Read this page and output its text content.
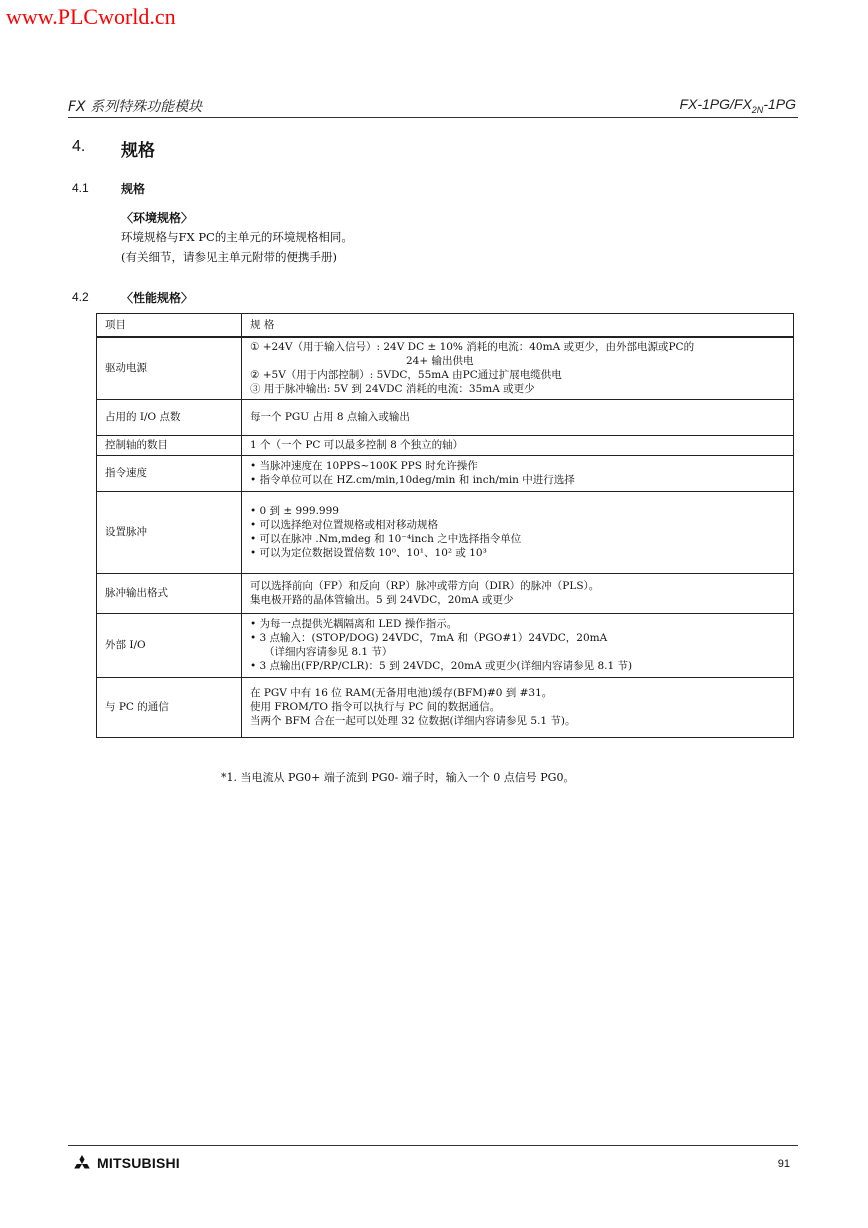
www.PLCworld.cn
FX 系列特殊功能模块	$FX-1PG/FX_{2N}-1PG$
4. 规格
4.1	规格
〈环境规格〉
环境规格与FX PC的主单元的环境规格相同。
(有关细节，请参见主单元附带的便携手册)
4.2	〈性能规格〉
项目	规 格
驱动电源	① +24V（用于输入信号）: 24V DC ± 10% 消耗的电流：40mA 或更少，由外部电源或PC的
24+ 输出供电
② +5V（用于内部控制）: 5VDC，55mA 由PC通过扩展电缆供电
③ 用于脉冲输出: 5V 到 24VDC 消耗的电流：35mA 或更少

占用的 I/O 点数	每一个 PGU 占用 8 点输入或输出

控制轴的数目	1 个（一个 PC 可以最多控制 8 个独立的轴）

指令速度	• 当脉冲速度在 10PPS~100K PPS 时允许操作
• 指令单位可以在 HZ.cm/min,10deg/min 和 inch/min 中进行选择

设置脉冲	• 0 到 ± 999.999
• 可以选择绝对位置规格或相对移动规格
• 可以在脉冲 .Nm,mdeg 和 10⁻⁴inch 之中选择指令单位
• 可以为定位数据设置倍数 10⁰、10¹、10² 或 10³

脉冲输出格式	可以选择前向（FP）和反向（RP）脉冲或带方向（DIR）的脉冲（PLS）。
集电极开路的晶体管输出。5 到 24VDC，20mA 或更少

外部 I/O	• 为每一点提供光耦隔离和 LED 操作指示。
• 3 点输入：(STOP/DOG) 24VDC，7mA 和（PGO#1）24VDC，20mA
（详细内容请参见 8.1 节）
• 3 点输出(FP/RP/CLR)：5 到 24VDC，20mA 或更少(详细内容请参见 8.1 节)

与 PC 的通信	在 PGV 中有 16 位 RAM(无备用电池)缓存(BFM)#0 到 #31。
使用 FROM/TO 指令可以执行与 PC 间的数据通信。
当两个 BFM 合在一起可以处理 32 位数据(详细内容请参见 5.1 节)。
*1. 当电流从 PG0+ 端子流到 PG0- 端子时，输入一个 0 点信号 PG0。
MITSUBISHI	91
